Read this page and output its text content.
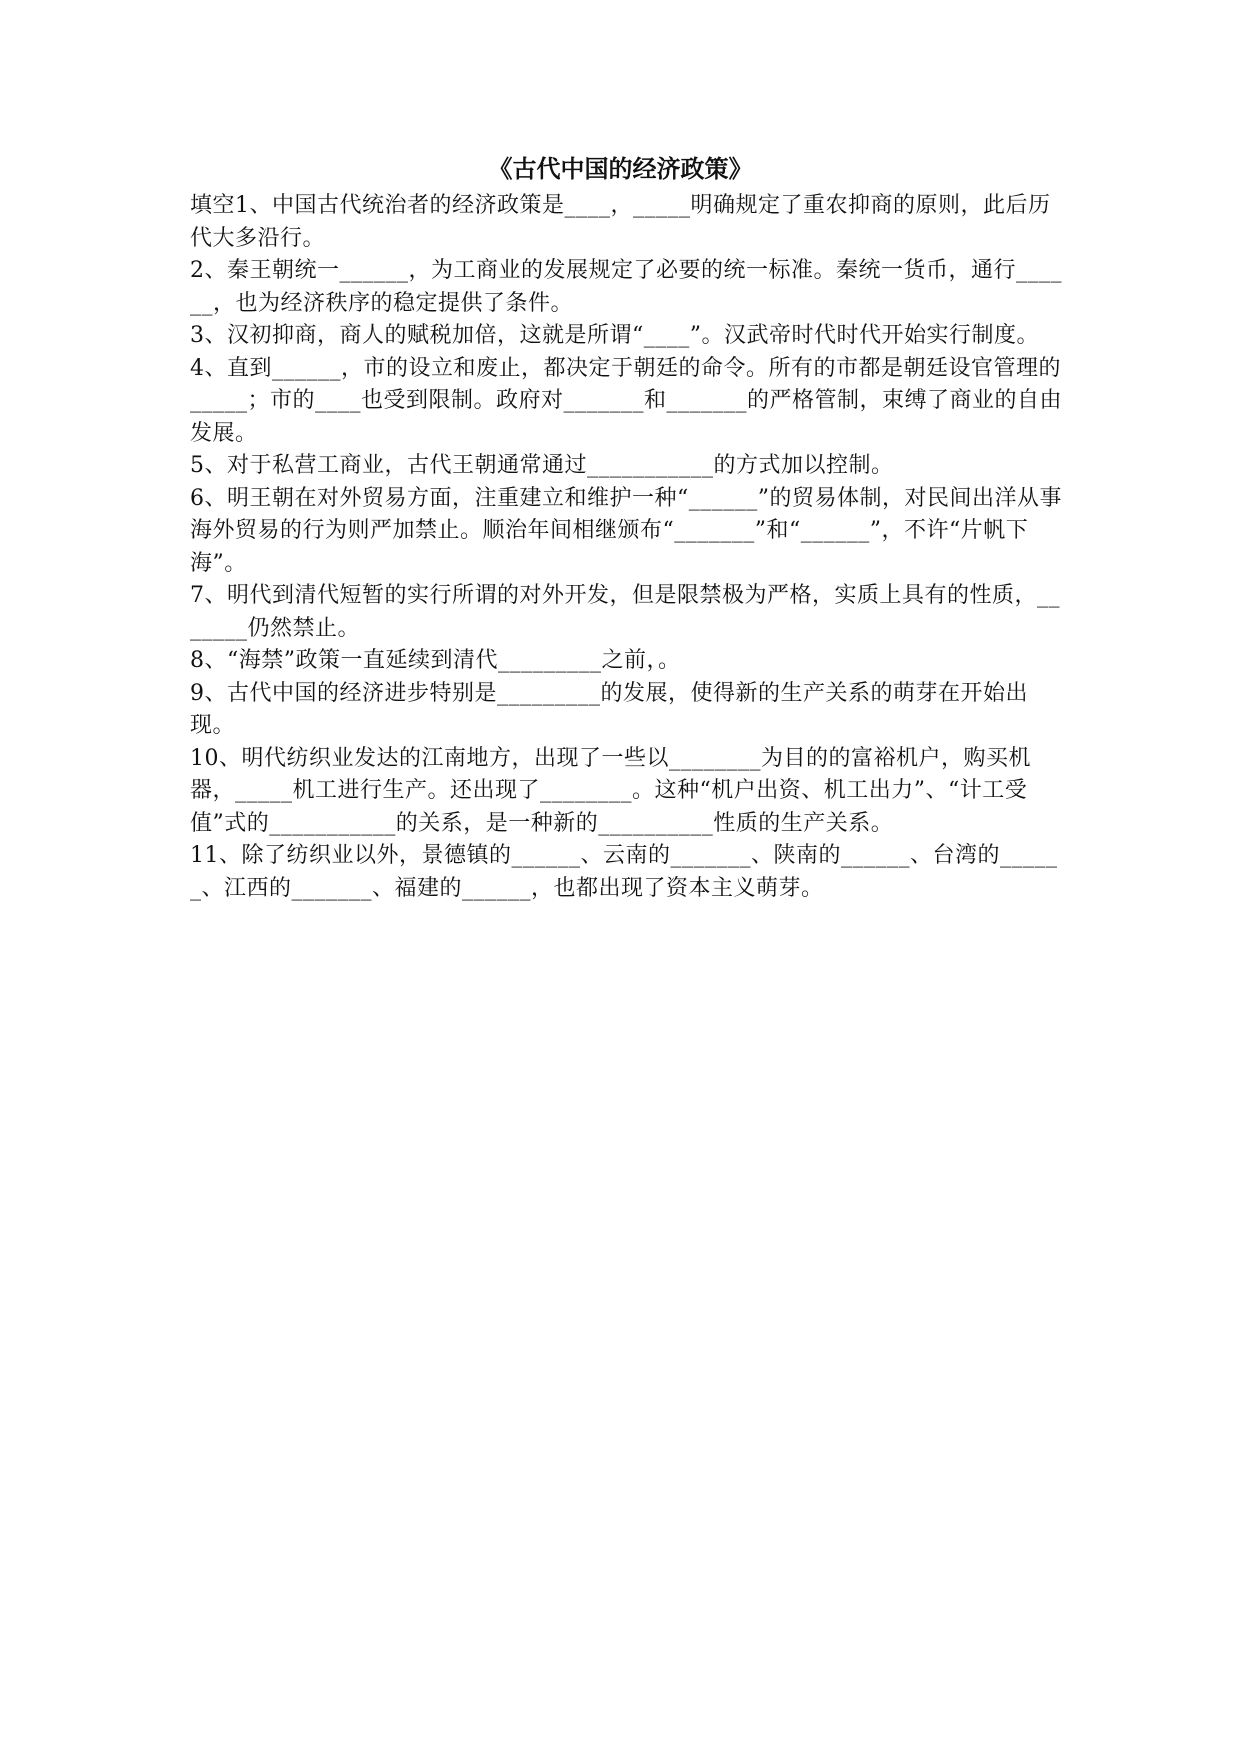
《古代中国的经济政策》

填空1、中国古代统治者的经济政策是____，_____明确规定了重农抑商的原则，此后历代大多沿行。

2、秦王朝统一______，为工商业的发展规定了必要的统一标准。秦统一货币，通行______，也为经济秩序的稳定提供了条件。

3、汉初抑商，商人的赋税加倍，这就是所谓“____”。汉武帝时代时代开始实行制度。

4、直到______，市的设立和废止，都决定于朝廷的命令。所有的市都是朝廷设官管理的_____；市的____也受到限制。政府对_______和_______的严格管制，束缚了商业的自由发展。

5、对于私营工商业，古代王朝通常通过___________的方式加以控制。

6、明王朝在对外贸易方面，注重建立和维护一种“______”的贸易体制，对民间出洋从事海外贸易的行为则严加禁止。顺治年间相继颁布“_______”和“______”，不许“片帆下海”。

7、明代到清代短暂的实行所谓的对外开发，但是限禁极为严格，实质上具有的性质，_______仍然禁止。

8、“海禁”政策一直延续到清代_________之前，。

9、古代中国的经济进步特别是_________的发展，使得新的生产关系的萌芽在开始出现。

10、明代纺织业发达的江南地方，出现了一些以________为目的的富裕机户，购买机器，_____机工进行生产。还出现了________。这种“机户出资、机工出力”、“计工受值”式的___________的关系，是一种新的__________性质的生产关系。

11、除了纺织业以外，景德镇的______、云南的_______、陕南的______、台湾的______、江西的_______、福建的______，也都出现了资本主义萌芽。
